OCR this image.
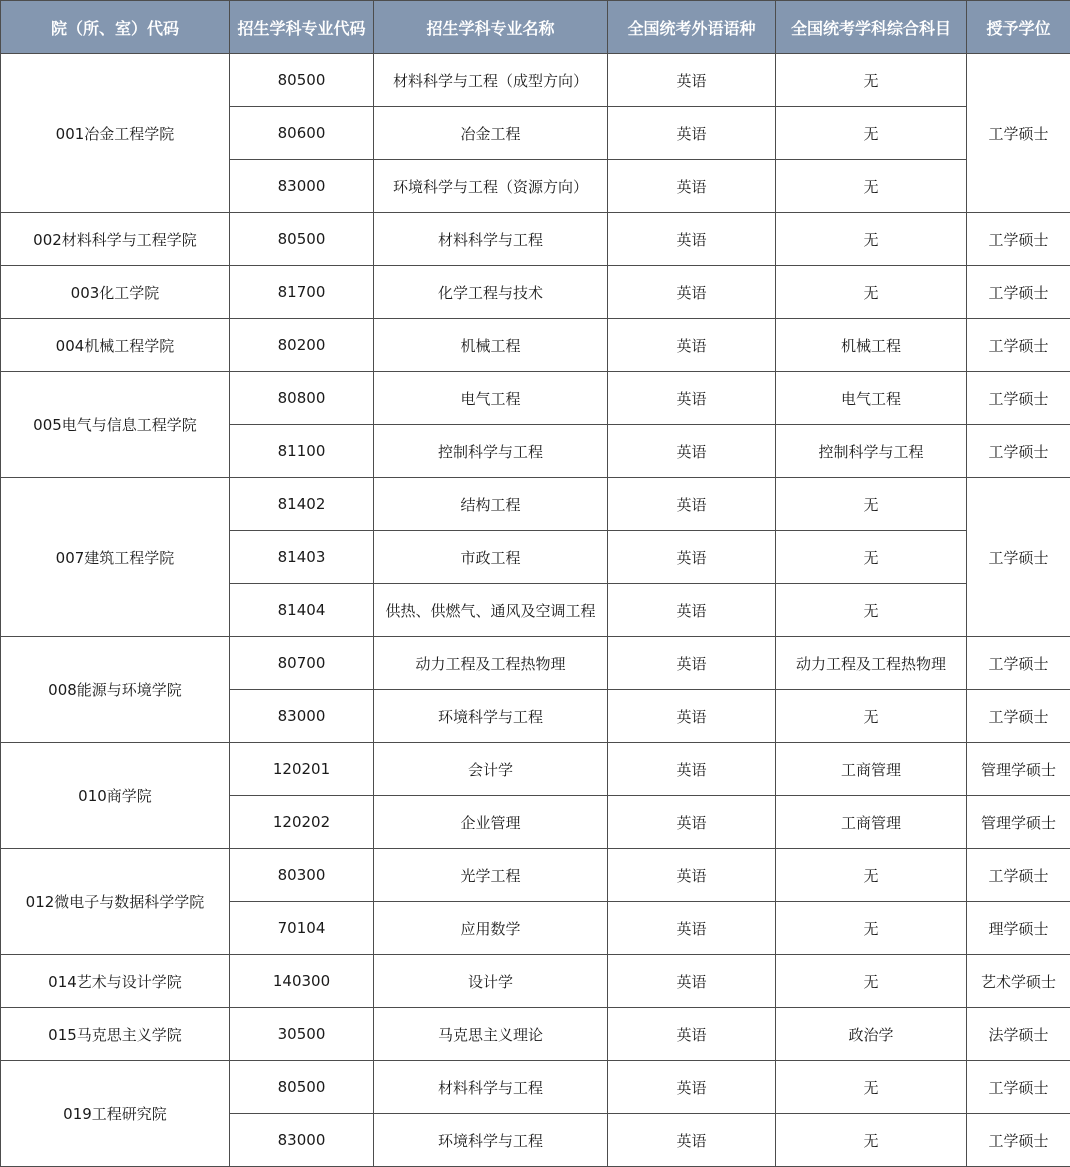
院（所、室）代码	招生学科专业代码	招生学科专业名称	全国统考外语语种	全国统考学科综合科目	授予学位
001冶金工程学院	80500	材料科学与工程（成型方向）	英语	无	工学硕士
	80600	冶金工程	英语	无	
	83000	环境科学与工程（资源方向）	英语	无	
002材料科学与工程学院	80500	材料科学与工程	英语	无	工学硕士
003化工学院	81700	化学工程与技术	英语	无	工学硕士
004机械工程学院	80200	机械工程	英语	机械工程	工学硕士
005电气与信息工程学院	80800	电气工程	英语	电气工程	工学硕士
	81100	控制科学与工程	英语	控制科学与工程	工学硕士
007建筑工程学院	81402	结构工程	英语	无	工学硕士
	81403	市政工程	英语	无	
	81404	供热、供燃气、通风及空调工程	英语	无	
008能源与环境学院	80700	动力工程及工程热物理	英语	动力工程及工程热物理	工学硕士
	83000	环境科学与工程	英语	无	工学硕士
010商学院	120201	会计学	英语	工商管理	管理学硕士
	120202	企业管理	英语	工商管理	管理学硕士
012微电子与数据科学学院	80300	光学工程	英语	无	工学硕士
	70104	应用数学	英语	无	理学硕士
014艺术与设计学院	140300	设计学	英语	无	艺术学硕士
015马克思主义学院	30500	马克思主义理论	英语	政治学	法学硕士
019工程研究院	80500	材料科学与工程	英语	无	工学硕士
	83000	环境科学与工程	英语	无	工学硕士
